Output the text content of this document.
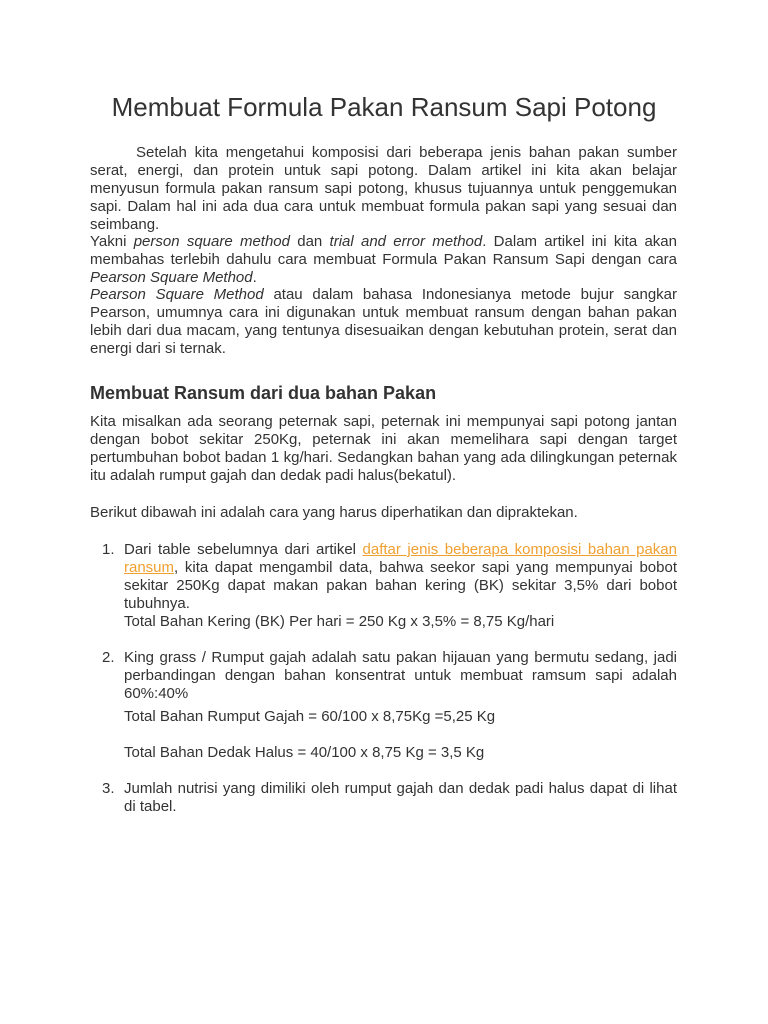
Membuat Formula Pakan Ransum Sapi Potong

Setelah kita mengetahui komposisi dari beberapa jenis bahan pakan sumber serat, energi, dan protein untuk sapi potong. Dalam artikel ini kita akan belajar menyusun formula pakan ransum sapi potong, khusus tujuannya untuk penggemukan sapi. Dalam hal ini ada dua cara untuk membuat formula pakan sapi yang sesuai dan seimbang.

Yakni person square method dan trial and error method. Dalam artikel ini kita akan membahas terlebih dahulu cara membuat Formula Pakan Ransum Sapi dengan cara Pearson Square Method.

Pearson Square Method atau dalam bahasa Indonesianya metode bujur sangkar Pearson, umumnya cara ini digunakan untuk membuat ransum dengan bahan pakan lebih dari dua macam, yang tentunya disesuaikan dengan kebutuhan protein, serat dan energi dari si ternak.

Membuat Ransum dari dua bahan Pakan

Kita misalkan ada seorang peternak sapi, peternak ini mempunyai sapi potong jantan dengan bobot sekitar 250Kg, peternak ini akan memelihara sapi dengan target pertumbuhan bobot badan 1 kg/hari. Sedangkan bahan yang ada dilingkungan peternak itu adalah rumput gajah dan dedak padi halus(bekatul).

Berikut dibawah ini adalah cara yang harus diperhatikan dan dipraktekan.

1. Dari table sebelumnya dari artikel daftar jenis beberapa komposisi bahan pakan ransum, kita dapat mengambil data, bahwa seekor sapi yang mempunyai bobot sekitar 250Kg dapat makan pakan bahan kering (BK) sekitar 3,5% dari bobot tubuhnya.
Total Bahan Kering (BK) Per hari = 250 Kg x 3,5% = 8,75 Kg/hari
2. King grass / Rumput gajah adalah satu pakan hijauan yang bermutu sedang, jadi perbandingan dengan bahan konsentrat untuk membuat ramsum sapi adalah 60%:40%
Total Bahan Rumput Gajah = 60/100 x 8,75Kg =5,25 Kg
Total Bahan Dedak Halus = 40/100 x 8,75 Kg = 3,5 Kg
3. Jumlah nutrisi yang dimiliki oleh rumput gajah dan dedak padi halus dapat di lihat di tabel.
